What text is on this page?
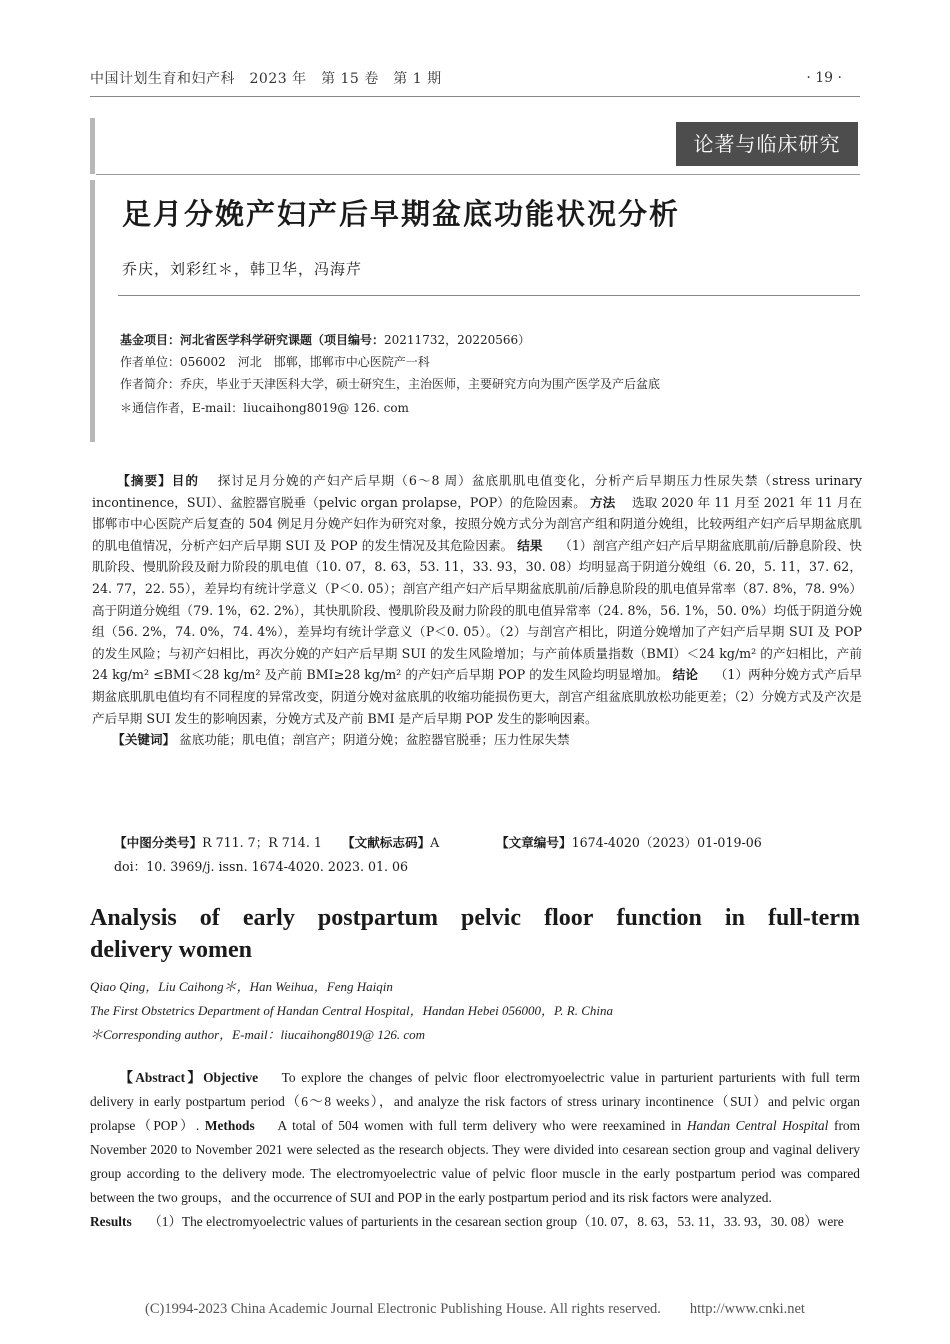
中国计划生育和妇产科　2023 年　第 15 卷　第 1 期	· 19 ·
论著与临床研究
足月分娩产妇产后早期盆底功能状况分析
乔庆，刘彩红＊，韩卫华，冯海芹
基金项目：河北省医学科学研究课题（项目编号：20211732，20220566）
作者单位：056002　河北　邯郸，邯郸市中心医院产一科
作者简介：乔庆，毕业于天津医科大学，硕士研究生，主治医师，主要研究方向为围产医学及产后盆底
＊通信作者，E-mail：liucaihong8019@ 126. com

【摘要】目的　 探讨足月分娩的产妇产后早期（6～8 周）盆底肌肌电值变化，分析产后早期压力性尿失禁（stress urinary incontinence，SUI）、盆腔器官脱垂（pelvic organ prolapse，POP）的危险因素。 方法　 选取 2020 年 11 月至 2021 年 11 月在邯郸市中心医院产后复查的 504 例足月分娩产妇作为研究对象，按照分娩方式分为剖宫产组和阴道分娩组，比较两组产妇产后早期盆底肌的肌电值情况，分析产妇产后早期 SUI 及 POP 的发生情况及其危险因素。 结果　 （1）剖宫产组产妇产后早期盆底肌前/后静息阶段、快肌阶段、慢肌阶段及耐力阶段的肌电值（10. 07，8. 63，53. 11，33. 93，30. 08）均明显高于阴道分娩组（6. 20，5. 11，37. 62，24. 77，22. 55），差异均有统计学意义（P＜0. 05）；剖宫产组产妇产后早期盆底肌前/后静息阶段的肌电值异常率（87. 8%，78. 9%）高于阴道分娩组（79. 1%，62. 2%），其快肌阶段、慢肌阶段及耐力阶段的肌电值异常率（24. 8%，56. 1%，50. 0%）均低于阴道分娩组（56. 2%，74. 0%，74. 4%），差异均有统计学意义（P＜0. 05）。（2）与剖宫产相比，阴道分娩增加了产妇产后早期 SUI 及 POP 的发生风险；与初产妇相比，再次分娩的产妇产后早期 SUI 的发生风险增加；与产前体质量指数（BMI）＜24 kg/m² 的产妇相比，产前 24 kg/m² ≤BMI＜28 kg/m² 及产前 BMI≥28 kg/m² 的产妇产后早期 POP 的发生风险均明显增加。 结论　 （1）两种分娩方式产后早期盆底肌肌电值均有不同程度的异常改变，阴道分娩对盆底肌的收缩功能损伤更大，剖宫产组盆底肌放松功能更差；（2）分娩方式及产次是产后早期 SUI 发生的影响因素，分娩方式及产前 BMI 是产后早期 POP 发生的影响因素。

【关键词】 盆底功能；肌电值；剖宫产；阴道分娩；盆腔器官脱垂；压力性尿失禁

【中图分类号】R 711. 7；R 714. 1 【文献标志码】A	【文章编号】1674-4020（2023）01-019-06
doi：10. 3969/j. issn. 1674-4020. 2023. 01. 06
Analysis of early postpartum pelvic floor function in full-term
delivery women
Qiao Qing，Liu Caihong＊，Han Weihua，Feng Haiqin
The First Obstetrics Department of Handan Central Hospital，Handan Hebei 056000，P. R. China
＊Corresponding author，E-mail：liucaihong8019@ 126. com

【Abstract】Objective　 To explore the changes of pelvic floor electromyoelectric value in parturient parturients with full term delivery in early postpartum period（6～8 weeks），and analyze the risk factors of stress urinary incontinence（SUI）and pelvic organ prolapse（POP）. Methods　 A total of 504 women with full term delivery who were reexamined in Handan Central Hospital from November 2020 to November 2021 were selected as the research objects. They were divided into cesarean section group and vaginal delivery group according to the delivery mode. The electromyoelectric value of pelvic floor muscle in the early postpartum period was compared between the two groups，and the occurrence of SUI and POP in the early postpartum period and its risk factors were analyzed.

Results　 （1）The electromyoelectric values of parturients in the cesarean section group（10. 07，8. 63，53. 11，33. 93，30. 08）were

(C)1994-2023 China Academic Journal Electronic Publishing House. All rights reserved.　　http://www.cnki.net
